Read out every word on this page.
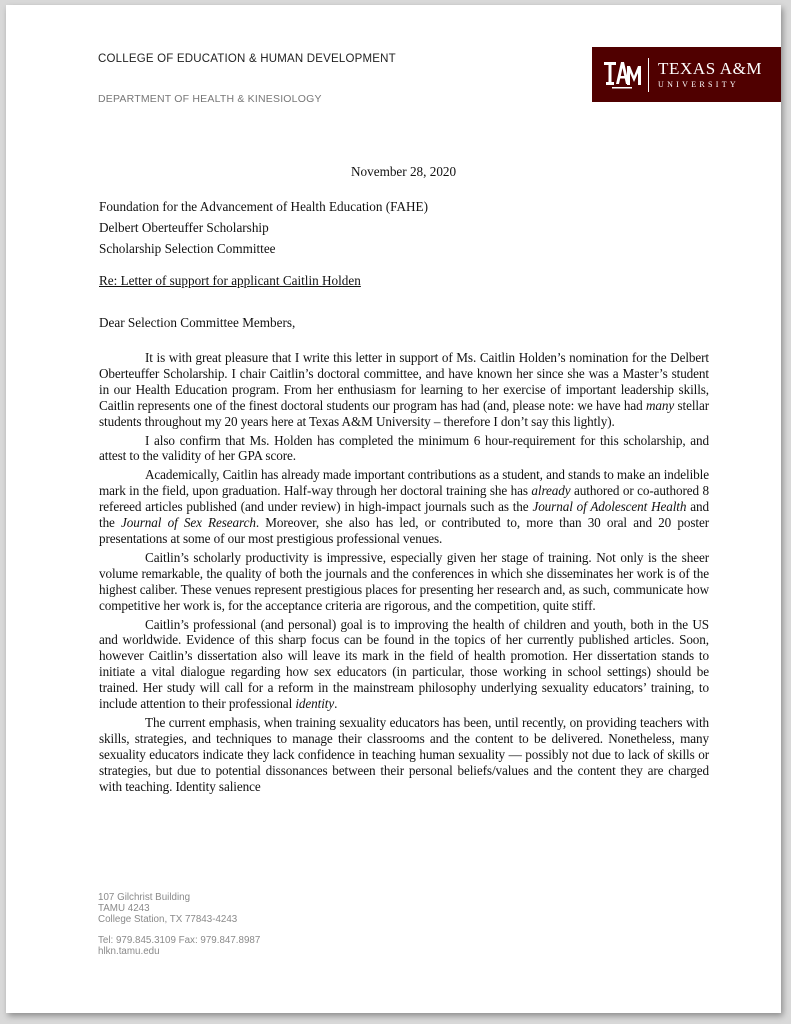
COLLEGE OF EDUCATION & HUMAN DEVELOPMENT
DEPARTMENT OF HEALTH & KINESIOLOGY
TEXAS A&M
UNIVERSITY
November 28, 2020
Foundation for the Advancement of Health Education (FAHE)
Delbert Oberteuffer Scholarship
Scholarship Selection Committee
Re: Letter of support for applicant Caitlin Holden
Dear Selection Committee Members,

It is with great pleasure that I write this letter in support of Ms. Caitlin Holden’s nomination for the Delbert Oberteuffer Scholarship. I chair Caitlin’s doctoral committee, and have known her since she was a Master’s student in our Health Education program. From her enthusiasm for learning to her exercise of important leadership skills, Caitlin represents one of the finest doctoral students our program has had (and, please note: we have had many stellar students throughout my 20 years here at Texas A&M University – therefore I don’t say this lightly).

I also confirm that Ms. Holden has completed the minimum 6 hour-requirement for this scholarship, and attest to the validity of her GPA score.

Academically, Caitlin has already made important contributions as a student, and stands to make an indelible mark in the field, upon graduation. Half-way through her doctoral training she has already authored or co-authored 8 refereed articles published (and under review) in high-impact journals such as the Journal of Adolescent Health and the Journal of Sex Research. Moreover, she also has led, or contributed to, more than 30 oral and 20 poster presentations at some of our most prestigious professional venues.

Caitlin’s scholarly productivity is impressive, especially given her stage of training. Not only is the sheer volume remarkable, the quality of both the journals and the conferences in which she disseminates her work is of the highest caliber. These venues represent prestigious places for presenting her research and, as such, communicate how competitive her work is, for the acceptance criteria are rigorous, and the competition, quite stiff.

Caitlin’s professional (and personal) goal is to improving the health of children and youth, both in the US and worldwide. Evidence of this sharp focus can be found in the topics of her currently published articles. Soon, however Caitlin’s dissertation also will leave its mark in the field of health promotion. Her dissertation stands to initiate a vital dialogue regarding how sex educators (in particular, those working in school settings) should be trained. Her study will call for a reform in the mainstream philosophy underlying sexuality educators’ training, to include attention to their professional identity.

The current emphasis, when training sexuality educators has been, until recently, on providing teachers with skills, strategies, and techniques to manage their classrooms and the content to be delivered. Nonetheless, many sexuality educators indicate they lack confidence in teaching human sexuality — possibly not due to lack of skills or strategies, but due to potential dissonances between their personal beliefs/values and the content they are charged with teaching. Identity salience

107 Gilchrist Building
TAMU 4243
College Station, TX 77843-4243
Tel: 979.845.3109 Fax: 979.847.8987
hlkn.tamu.edu
